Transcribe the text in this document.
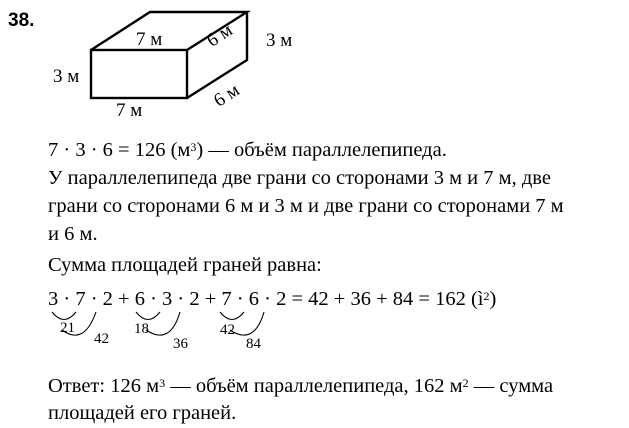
38.
7 м
7 м
3 м
3 м
6 м
6 м
7 · 3 · 6 = 126 $(м^3)$ — объём параллелепипеда.
У параллелепипеда две грани со сторонами 3 м и 7 м, две
грани со сторонами 6 м и 3 м и две грани со сторонами 7 м
и 6 м.
Сумма площадей граней равна:
3 · 7 · 2 + 6 · 3 · 2 + 7 · 6 · 2 = 42 + 36 + 84 = 162 $(ì^2)$
21
42
18
36
42
84
Ответ: 126 $м^3$ — объём параллелепипеда, 162 $м^2$ — сумма
площадей его граней.
